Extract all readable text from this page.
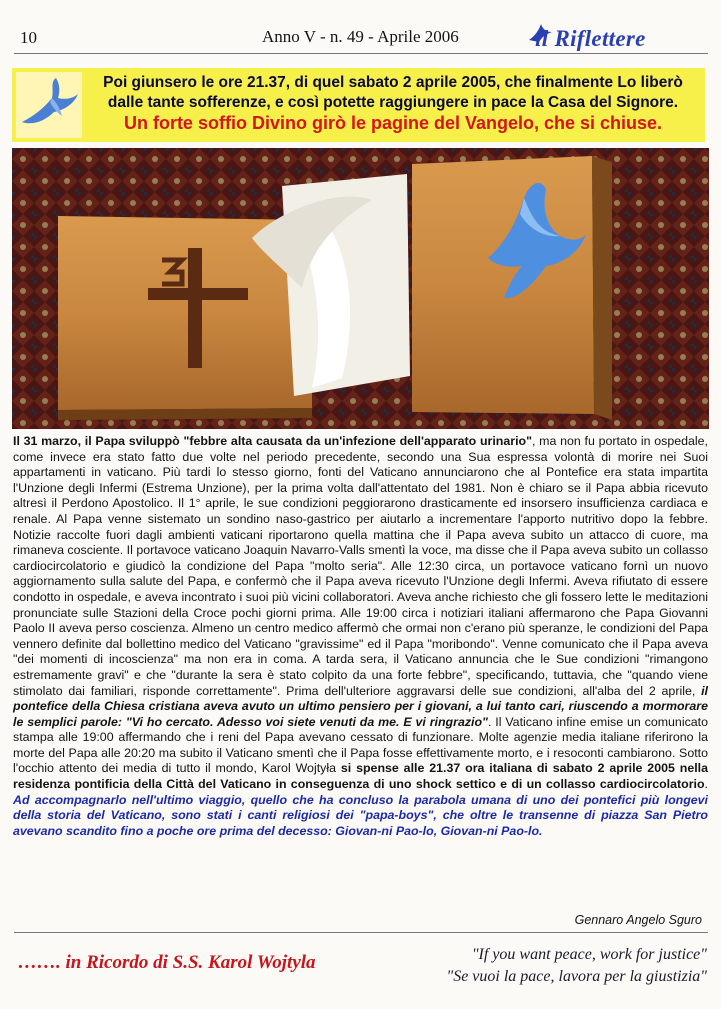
10	Anno V - n. 49 - Aprile 2006	il Riflettere
Poi giunsero le ore 21.37, di quel sabato 2 aprile 2005, che finalmente Lo liberò
dalle tante sofferenze, e così potette raggiungere in pace la Casa del Signore.
Un forte soffio Divino girò le pagine del Vangelo, che si chiuse.

Il 31 marzo, il Papa sviluppò "febbre alta causata da un'infezione dell'apparato urinario", ma non fu portato in ospedale, come invece era stato fatto due volte nel periodo precedente, secondo una Sua espressa volontà di morire nei Suoi appartamenti in vaticano. Più tardi lo stesso giorno, fonti del Vaticano annunciarono che al Pontefice era stata impartita l'Unzione degli Infermi (Estrema Unzione), per la prima volta dall'attentato del 1981. Non è chiaro se il Papa abbia ricevuto altresì il Perdono Apostolico. Il 1° aprile, le sue condizioni peggiorarono drasticamente ed insorsero insufficienza cardiaca e renale. Al Papa venne sistemato un sondino naso-gastrico per aiutarlo a incrementare l'apporto nutritivo dopo la febbre. Notizie raccolte fuori dagli ambienti vaticani riportarono quella mattina che il Papa aveva subito un attacco di cuore, ma rimaneva cosciente. Il portavoce vaticano Joaquin Navarro-Valls smentì la voce, ma disse che il Papa aveva subito un collasso cardiocircolatorio e giudicò la condizione del Papa "molto seria". Alle 12:30 circa, un portavoce vaticano fornì un nuovo aggiornamento sulla salute del Papa, e confermò che il Papa aveva ricevuto l'Unzione degli Infermi. Aveva rifiutato di essere condotto in ospedale, e aveva incontrato i suoi più vicini collaboratori. Aveva anche richiesto che gli fossero lette le meditazioni pronunciate sulle Stazioni della Croce pochi giorni prima. Alle 19:00 circa i notiziari italiani affermarono che Papa Giovanni Paolo II aveva perso coscienza. Almeno un centro medico affermò che ormai non c'erano più speranze, le condizioni del Papa vennero definite dal bollettino medico del Vaticano "gravissime" ed il Papa "moribondo". Venne comunicato che il Papa aveva "dei momenti di incoscienza" ma non era in coma. A tarda sera, il Vaticano annuncia che le Sue condizioni "rimangono estremamente gravi" e che "durante la sera è stato colpito da una forte febbre", specificando, tuttavia, che "quando viene stimolato dai familiari, risponde correttamente". Prima dell'ulteriore aggravarsi delle sue condizioni, all'alba del 2 aprile, il pontefice della Chiesa cristiana aveva avuto un ultimo pensiero per i giovani, a lui tanto cari, riuscendo a mormorare le semplici parole: "Vi ho cercato. Adesso voi siete venuti da me. E vi ringrazio". Il Vaticano infine emise un comunicato stampa alle 19:00 affermando che i reni del Papa avevano cessato di funzionare. Molte agenzie media italiane riferirono la morte del Papa alle 20:20 ma subito il Vaticano smentì che il Papa fosse effettivamente morto, e i resoconti cambiarono. Sotto l'occhio attento dei media di tutto il mondo, Karol Wojtyła si spense alle 21.37 ora italiana di sabato 2 aprile 2005 nella residenza pontificia della Città del Vaticano in conseguenza di uno shock settico e di un collasso cardiocircolatorio. Ad accompagnarlo nell'ultimo viaggio, quello che ha concluso la parabola umana di uno dei pontefici più longevi della storia del Vaticano, sono stati i canti religiosi dei "papa-boys", che oltre le transenne di piazza San Pietro avevano scandito fino a poche ore prima del decesso: Giovan-ni Pao-lo, Giovan-ni Pao-lo.

Gennaro Angelo Sguro
……. in Ricordo di S.S. Karol Wojtyla	"If you want peace, work for justice"
"Se vuoi la pace, lavora per la giustizia"
